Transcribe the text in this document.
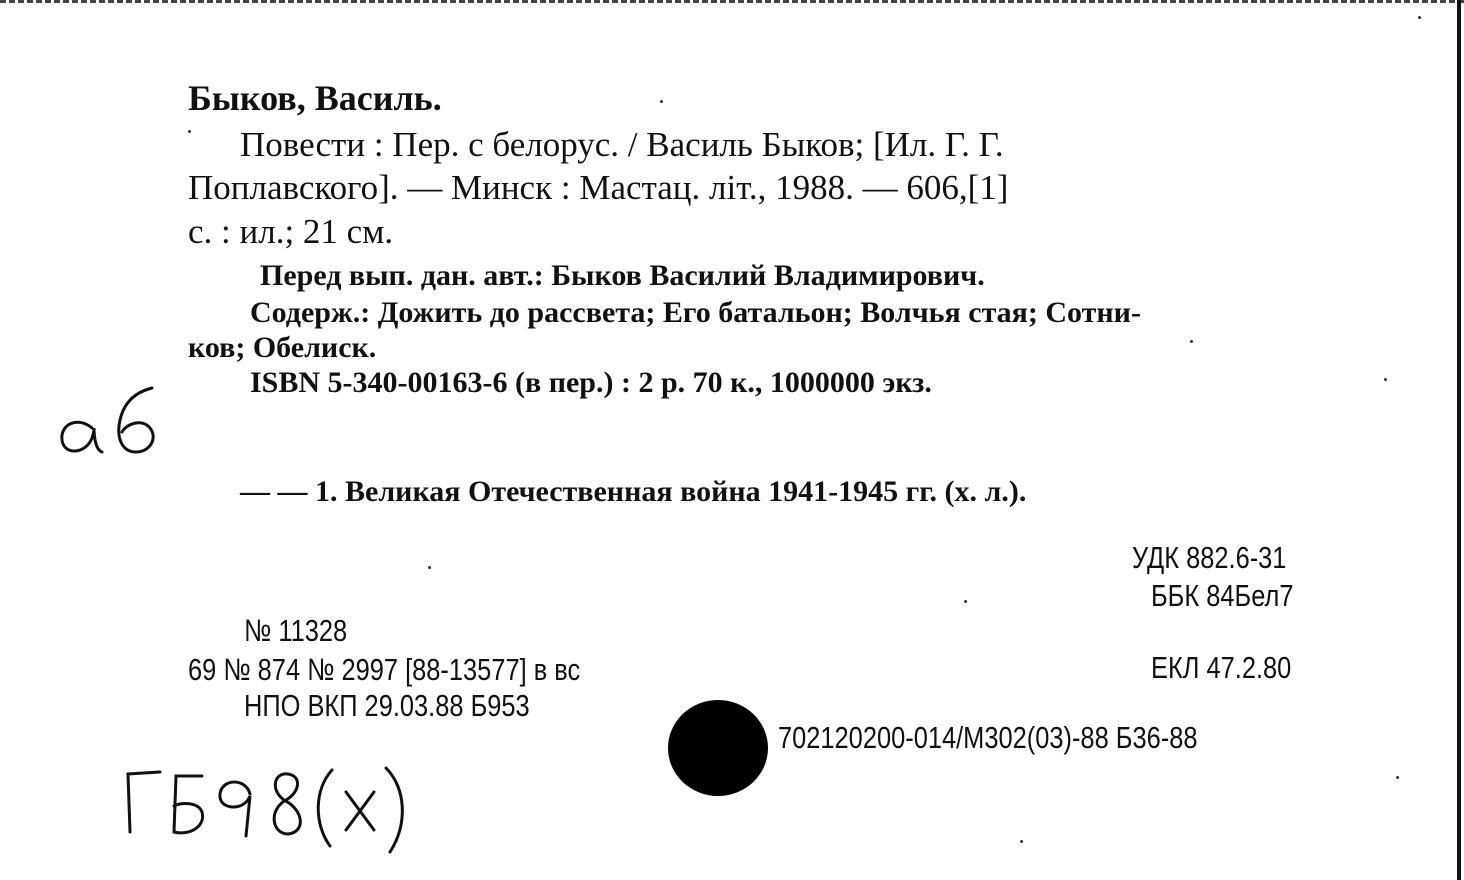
Быков, Василь.
Повести : Пер. с белорус. / Василь Быков; [Ил. Г. Г.
Поплавского]. — Минск : Мастац. літ., 1988. — 606,[1]
с. : ил.; 21 см.
Перед вып. дан. авт.: Быков Василий Владимирович.
Содерж.: Дожить до рассвета; Его батальон; Волчья стая; Сотни-
ков; Обелиск.
ISBN 5-340-00163-6 (в пер.) : 2 р. 70 к., 1000000 экз.
— — 1. Великая Отечественная война 1941-1945 гг. (х. л.).
УДК 882.6-31
ББК 84Бел7
ЕКЛ 47.2.80
702120200-014/М302(03)-88 Б36-88
№ 11328
69 № 874 № 2997 [88-13577] в вс
НПО ВКП 29.03.88 Б953
